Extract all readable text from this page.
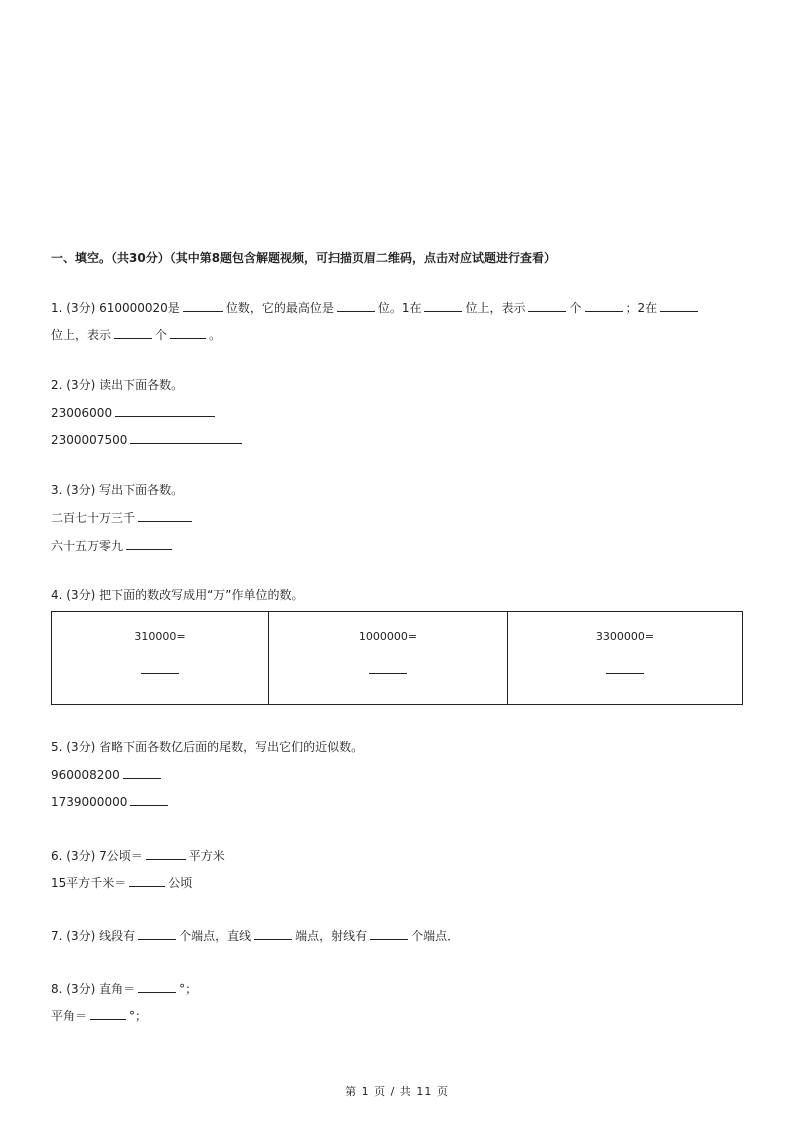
一、填空。（共30分）（其中第8题包含解题视频，可扫描页眉二维码，点击对应试题进行查看）
1. (3分) 610000020是	位数，它的最高位是	位。1在	位上，表示	个	；2在
位上，表示	个	。
2. (3分) 读出下面各数。
23006000
2300007500
3. (3分) 写出下面各数。
二百七十万三千
六十五万零九
4. (3分) 把下面的数改写成用“万”作单位的数。
310000=	1000000=	3300000=
5. (3分) 省略下面各数亿后面的尾数，写出它们的近似数。
960008200
1739000000
6. (3分) 7公顷＝	平方米
15平方千米＝	公顷
7. (3分) 线段有	个端点，直线	端点，射线有	个端点．
8. (3分) 直角＝	°；
平角＝	°；
第 1 页 / 共 11 页
